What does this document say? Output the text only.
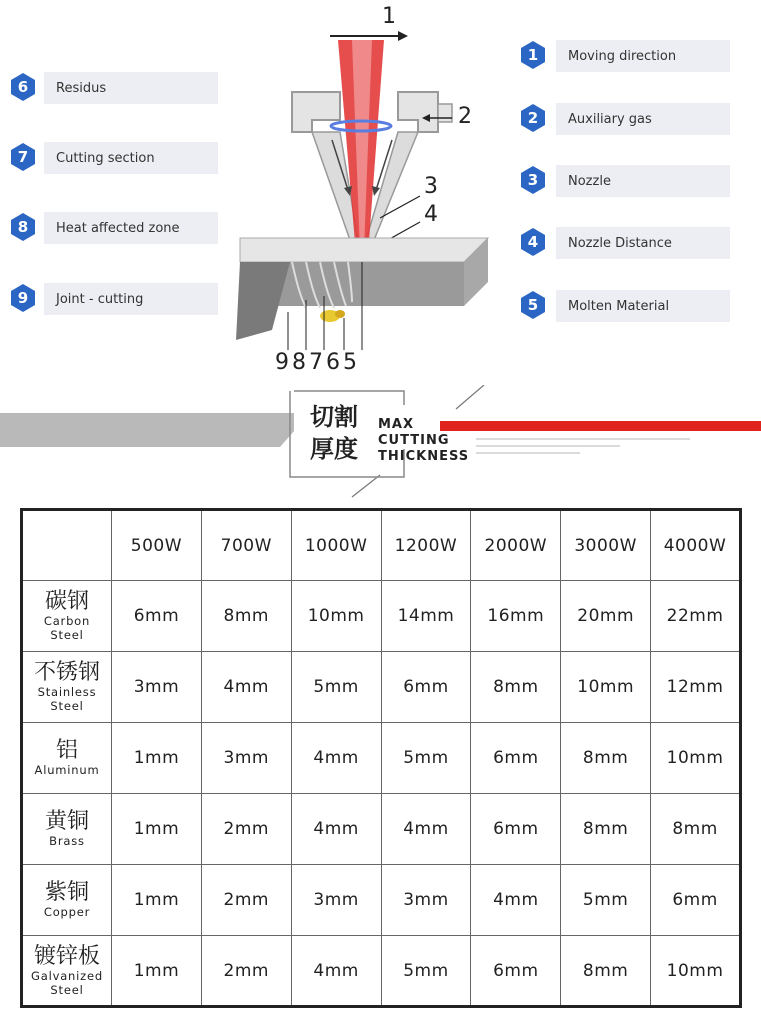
6	Residus
7	Cutting section
8	Heat affected zone
9	Joint - cutting
1	Moving direction
2	Auxiliary gas
3	Nozzle
4	Nozzle Distance
5	Molten Material
1
2
3
4
98765
切割
厚度
MAX
CUTTING
THICKNESS
	500W	700W	1000W	1200W	2000W	3000W	4000W

碳钢
Carbon
Steel	6mm	8mm	10mm	14mm	16mm	20mm	22mm

不锈钢
Stainless
Steel	3mm	4mm	5mm	6mm	8mm	10mm	12mm

铝
Aluminum	1mm	3mm	4mm	5mm	6mm	8mm	10mm

黄铜
Brass	1mm	2mm	4mm	4mm	6mm	8mm	8mm

紫铜
Copper	1mm	2mm	3mm	3mm	4mm	5mm	6mm

镀锌板
Galvanized
Steel	1mm	2mm	4mm	5mm	6mm	8mm	10mm
